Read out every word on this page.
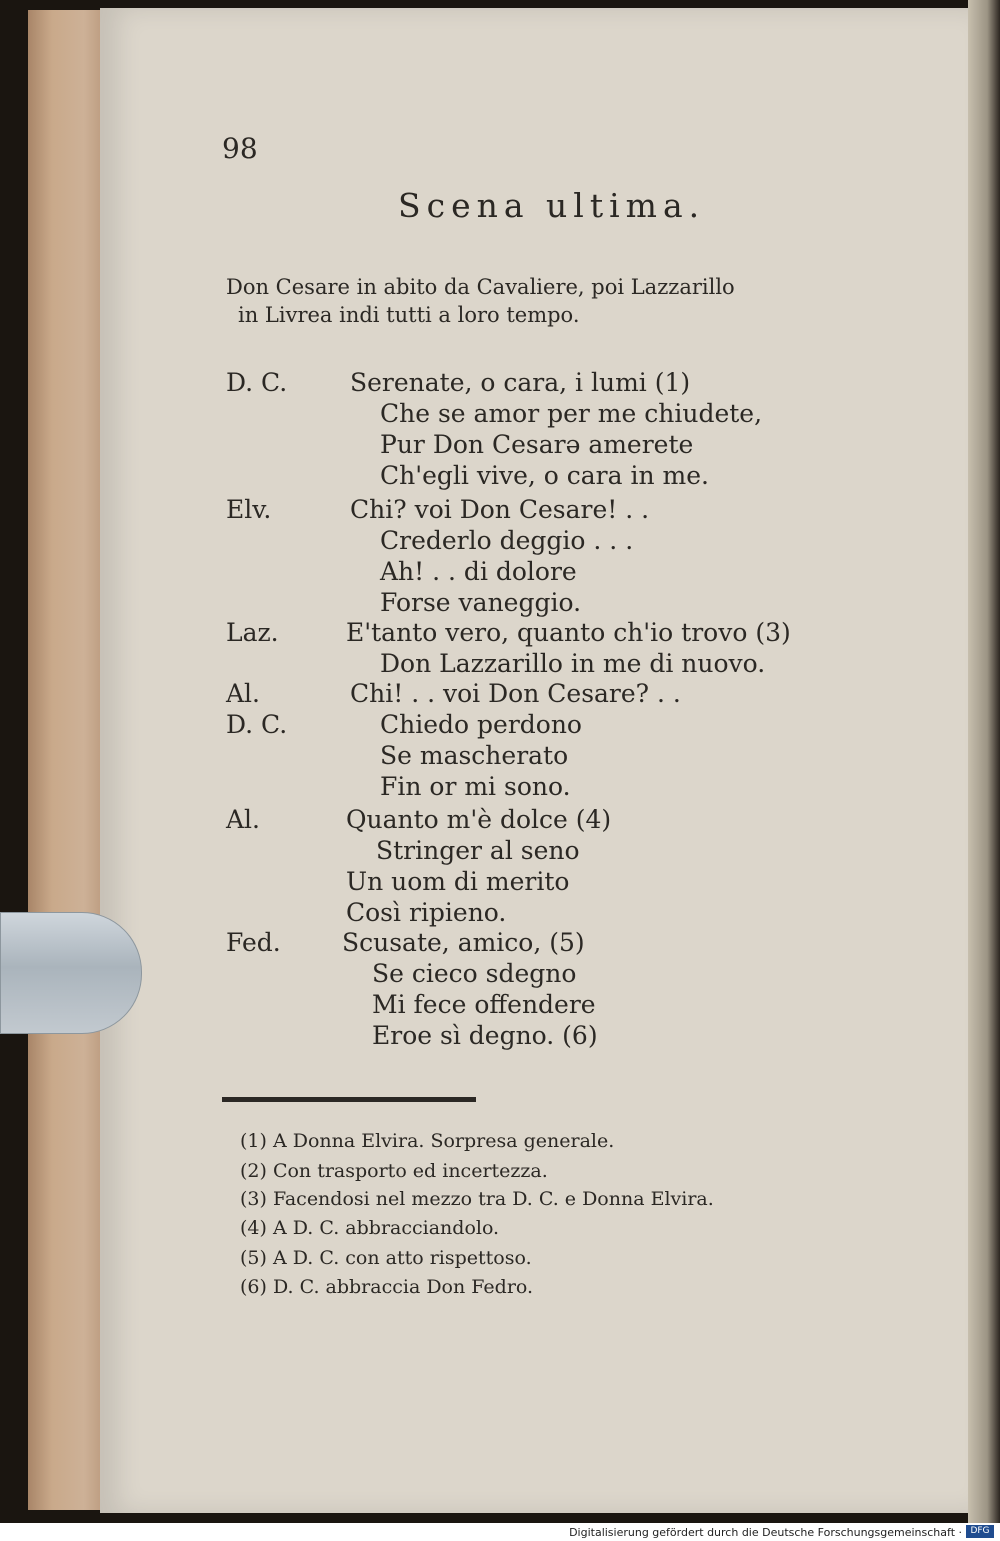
98
Scena ultima.
Don Cesare in abito da Cavaliere, poi Lazzarillo
in Livrea indi tutti a loro tempo.
D. C.	Serenate, o cara, i lumi (1)
Che se amor per me chiudete,
Pur Don Cesarə amerete
Ch'egli vive, o cara in me.
Elv.	Chi? voi Don Cesare! . .
Crederlo deggio . . .
Ah! . . di dolore
Forse vaneggio.
Laz.	E'tanto vero, quanto ch'io trovo (3)
Don Lazzarillo in me di nuovo.
Al.	Chi! . . voi Don Cesare? . .
D. C.	Chiedo perdono
Se mascherato
Fin or mi sono.
Al.	Quanto m'è dolce (4)
Stringer al seno
Un uom di merito
Così ripieno.
Fed. Scusate, amico, (5)
Se cieco sdegno
Mi fece offendere
Eroe sì degno. (6)
(1) A Donna Elvira. Sorpresa generale.
(2) Con trasporto ed incertezza.
(3) Facendosi nel mezzo tra D. C. e Donna Elvira.
(4) A D. C. abbracciandolo.
(5) A D. C. con atto rispettoso.
(6) D. C. abbraccia Don Fedro.
Digitalisierung gefördert durch die Deutsche Forschungsgemeinschaft · DFG
